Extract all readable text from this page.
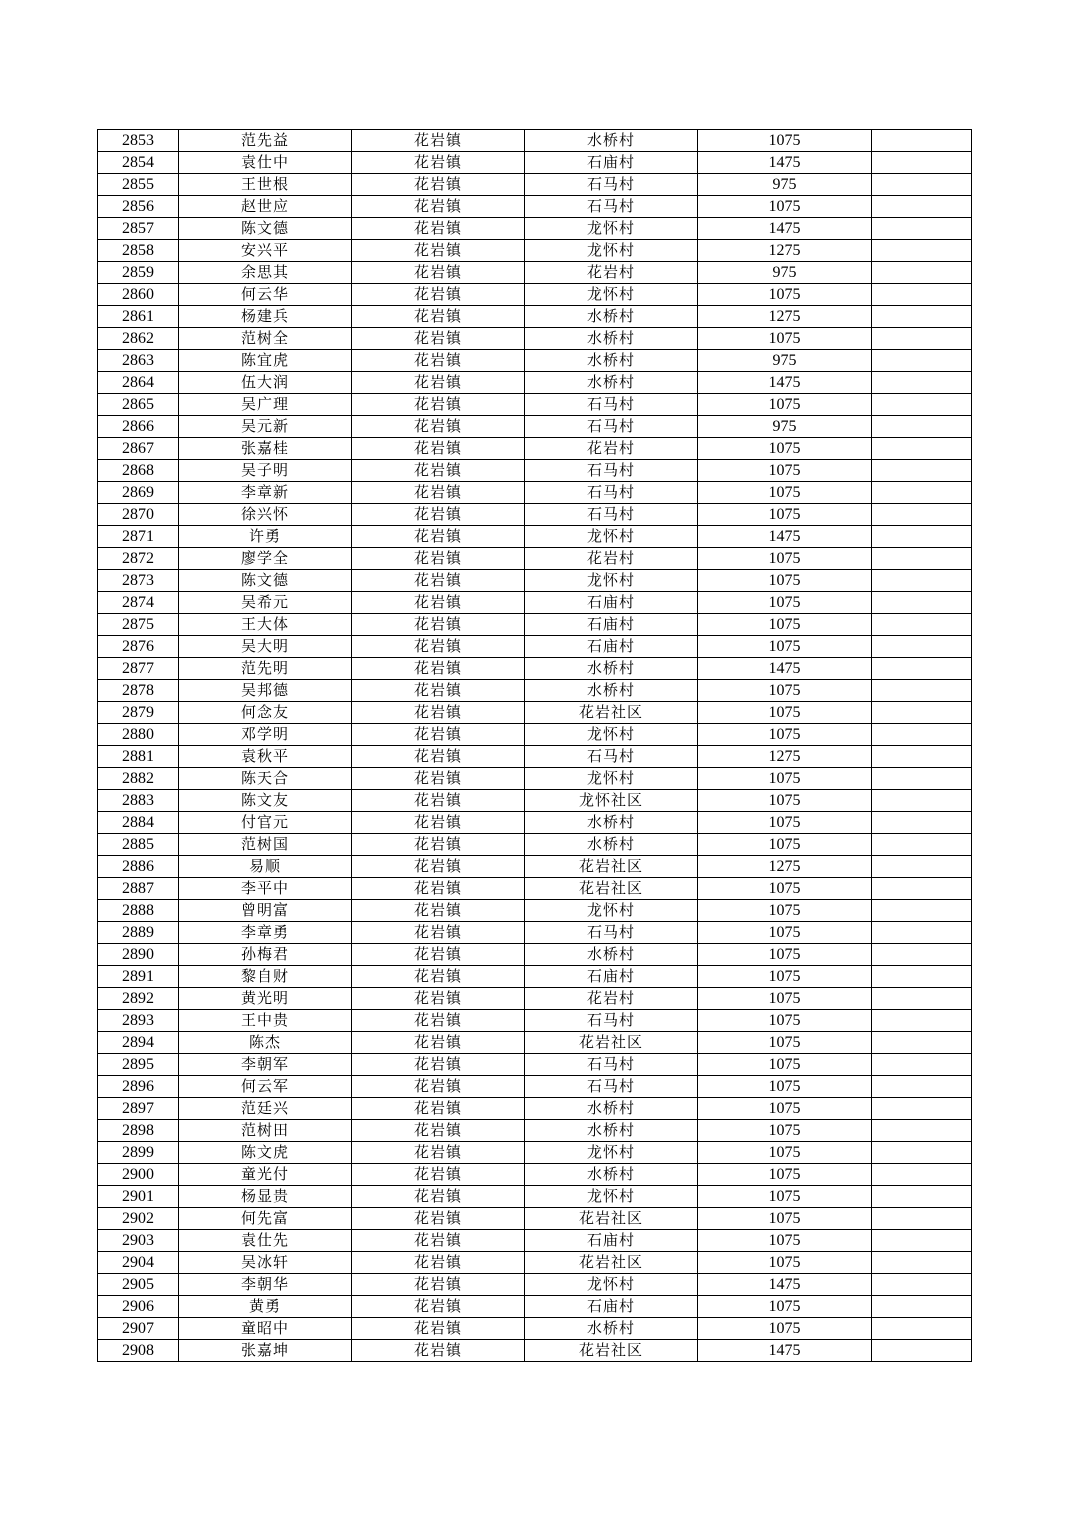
2853	范先益	花岩镇	水桥村	1075	
2854	袁仕中	花岩镇	石庙村	1475	
2855	王世根	花岩镇	石马村	975	
2856	赵世应	花岩镇	石马村	1075	
2857	陈文德	花岩镇	龙怀村	1475	
2858	安兴平	花岩镇	龙怀村	1275	
2859	余思其	花岩镇	花岩村	975	
2860	何云华	花岩镇	龙怀村	1075	
2861	杨建兵	花岩镇	水桥村	1275	
2862	范树全	花岩镇	水桥村	1075	
2863	陈宜虎	花岩镇	水桥村	975	
2864	伍大润	花岩镇	水桥村	1475	
2865	吴广理	花岩镇	石马村	1075	
2866	吴元新	花岩镇	石马村	975	
2867	张嘉桂	花岩镇	花岩村	1075	
2868	吴子明	花岩镇	石马村	1075	
2869	李章新	花岩镇	石马村	1075	
2870	徐兴怀	花岩镇	石马村	1075	
2871	许勇	花岩镇	龙怀村	1475	
2872	廖学全	花岩镇	花岩村	1075	
2873	陈文德	花岩镇	龙怀村	1075	
2874	吴希元	花岩镇	石庙村	1075	
2875	王大体	花岩镇	石庙村	1075	
2876	吴大明	花岩镇	石庙村	1075	
2877	范先明	花岩镇	水桥村	1475	
2878	吴邦德	花岩镇	水桥村	1075	
2879	何念友	花岩镇	花岩社区	1075	
2880	邓学明	花岩镇	龙怀村	1075	
2881	袁秋平	花岩镇	石马村	1275	
2882	陈天合	花岩镇	龙怀村	1075	
2883	陈文友	花岩镇	龙怀社区	1075	
2884	付官元	花岩镇	水桥村	1075	
2885	范树国	花岩镇	水桥村	1075	
2886	易顺	花岩镇	花岩社区	1275	
2887	李平中	花岩镇	花岩社区	1075	
2888	曾明富	花岩镇	龙怀村	1075	
2889	李章勇	花岩镇	石马村	1075	
2890	孙梅君	花岩镇	水桥村	1075	
2891	黎自财	花岩镇	石庙村	1075	
2892	黄光明	花岩镇	花岩村	1075	
2893	王中贵	花岩镇	石马村	1075	
2894	陈杰	花岩镇	花岩社区	1075	
2895	李朝军	花岩镇	石马村	1075	
2896	何云军	花岩镇	石马村	1075	
2897	范廷兴	花岩镇	水桥村	1075	
2898	范树田	花岩镇	水桥村	1075	
2899	陈文虎	花岩镇	龙怀村	1075	
2900	童光付	花岩镇	水桥村	1075	
2901	杨显贵	花岩镇	龙怀村	1075	
2902	何先富	花岩镇	花岩社区	1075	
2903	袁仕先	花岩镇	石庙村	1075	
2904	吴冰轩	花岩镇	花岩社区	1075	
2905	李朝华	花岩镇	龙怀村	1475	
2906	黄勇	花岩镇	石庙村	1075	
2907	童昭中	花岩镇	水桥村	1075	
2908	张嘉坤	花岩镇	花岩社区	1475	
